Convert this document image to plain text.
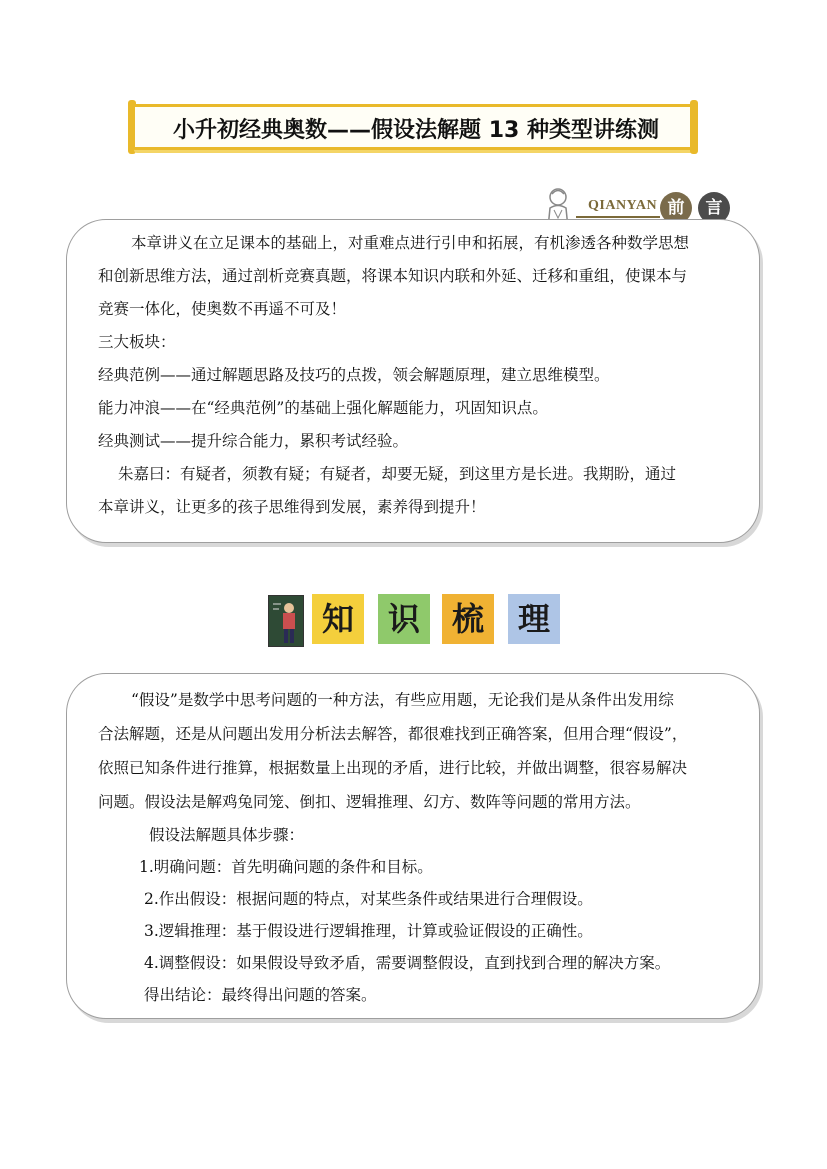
小升初经典奥数——假设法解题 13 种类型讲练测
QIANYAN 前	言

本章讲义在立足课本的基础上，对重难点进行引申和拓展，有机渗透各种数学思想

和创新思维方法，通过剖析竞赛真题，将课本知识内联和外延、迁移和重组，使课本与

竞赛一体化，使奥数不再遥不可及！

三大板块：

经典范例——通过解题思路及技巧的点拨，领会解题原理，建立思维模型。

能力冲浪——在“经典范例”的基础上强化解题能力，巩固知识点。

经典测试——提升综合能力，累积考试经验。

朱嘉曰：有疑者，须教有疑；有疑者，却要无疑，到这里方是长进。我期盼，通过

本章讲义，让更多的孩子思维得到发展，素养得到提升！

知	识 梳	理

“假设”是数学中思考问题的一种方法，有些应用题，无论我们是从条件出发用综

合法解题，还是从问题出发用分析法去解答，都很难找到正确答案，但用合理“假设”，

依照已知条件进行推算，根据数量上出现的矛盾，进行比较，并做出调整，很容易解决

问题。假设法是解鸡兔同笼、倒扣、逻辑推理、幻方、数阵等问题的常用方法。

假设法解题具体步骤：

1.明确问题：首先明确问题的条件和目标。

2.作出假设：根据问题的特点，对某些条件或结果进行合理假设。

3.逻辑推理：基于假设进行逻辑推理，计算或验证假设的正确性。

4.调整假设：如果假设导致矛盾，需要调整假设，直到找到合理的解决方案。

得出结论：最终得出问题的答案。
